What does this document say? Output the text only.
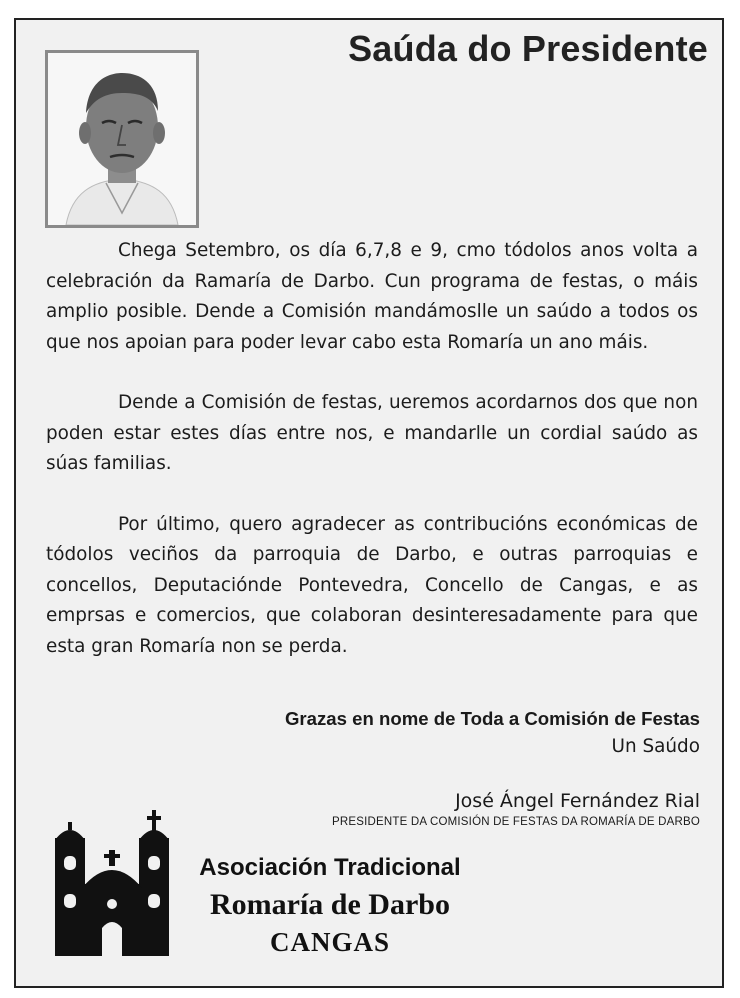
Saúda do Presidente

Chega Setembro, os día 6,7,8 e 9, cmo tódolos anos volta a celebración da Ramaría de Darbo. Cun programa de festas, o máis amplio posible. Dende a Comisión mandámoslle un saúdo a todos os que nos apoian para poder levar cabo esta Romaría un ano máis.

Dende a Comisión de festas, ueremos acordarnos dos que non poden estar estes días entre nos, e mandarlle un cordial saúdo as súas familias.

Por último, quero agradecer as contribucións económicas de tódolos veciños da parroquia de Darbo, e outras parroquias e concellos, Deputaciónde Pontevedra, Concello de Cangas, e as emprsas e comercios, que colaboran desinteresadamente para que esta gran Romaría non se perda.

Grazas en nome de Toda a Comisión de Festas
Un Saúdo
José Ángel Fernández Rial
PRESIDENTE DA COMISIÓN DE FESTAS DA ROMARÍA DE DARBO
Asociación Tradicional
Romaría de Darbo
CANGAS
